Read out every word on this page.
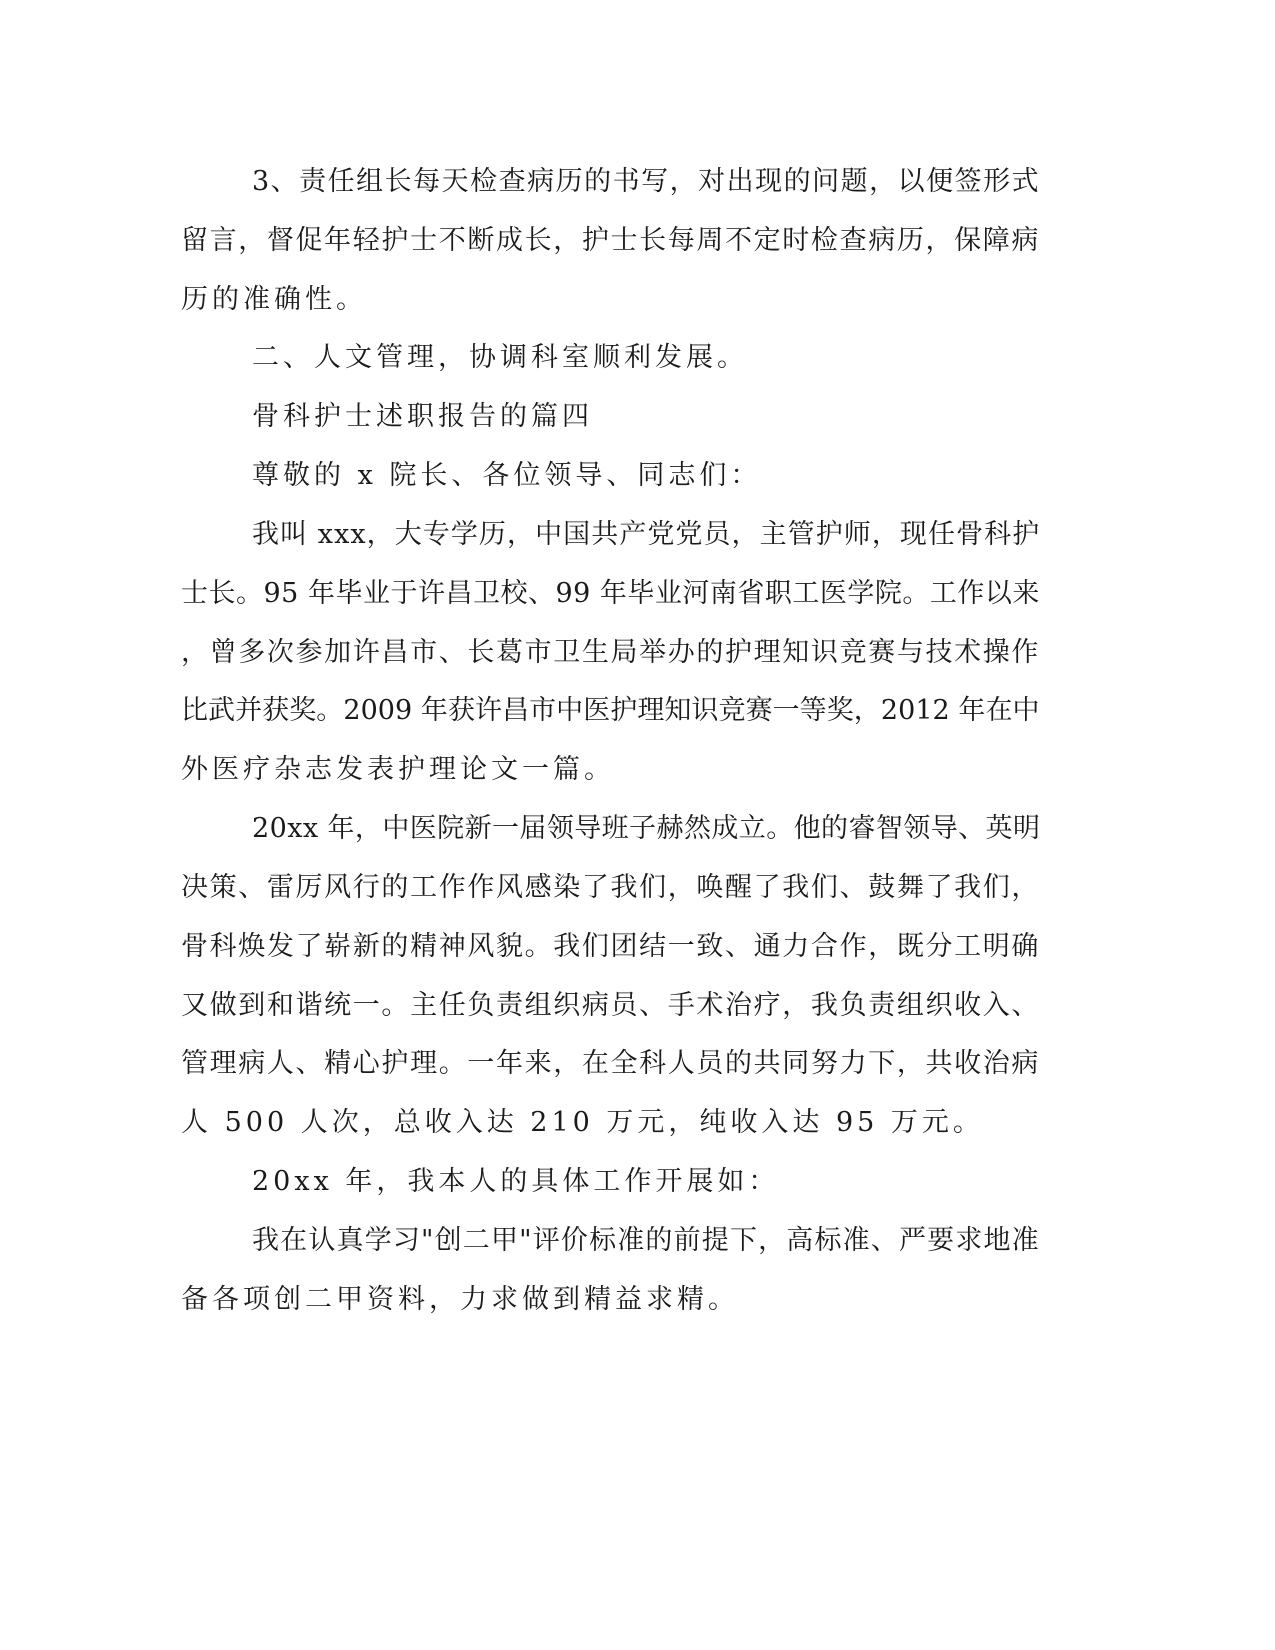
3、责任组长每天检查病历的书写，对出现的问题，以便签形式

留言，督促年轻护士不断成长，护士长每周不定时检查病历，保障病

历的准确性。

二、人文管理，协调科室顺利发展。

骨科护士述职报告的篇四

尊敬的 x 院长、各位领导、同志们：

我叫 xxx，大专学历，中国共产党党员，主管护师，现任骨科护

士长。95 年毕业于许昌卫校、99 年毕业河南省职工医学院。工作以来

，曾多次参加许昌市、长葛市卫生局举办的护理知识竞赛与技术操作

比武并获奖。2009 年获许昌市中医护理知识竞赛一等奖，2012 年在中

外医疗杂志发表护理论文一篇。

20xx 年，中医院新一届领导班子赫然成立。他的睿智领导、英明

决策、雷厉风行的工作作风感染了我们，唤醒了我们、鼓舞了我们，

骨科焕发了崭新的精神风貌。我们团结一致、通力合作，既分工明确

又做到和谐统一。主任负责组织病员、手术治疗，我负责组织收入、

管理病人、精心护理。一年来，在全科人员的共同努力下，共收治病

人 500 人次，总收入达 210 万元，纯收入达 95 万元。

20xx 年，我本人的具体工作开展如：

我在认真学习"创二甲"评价标准的前提下，高标准、严要求地准

备各项创二甲资料，力求做到精益求精。
